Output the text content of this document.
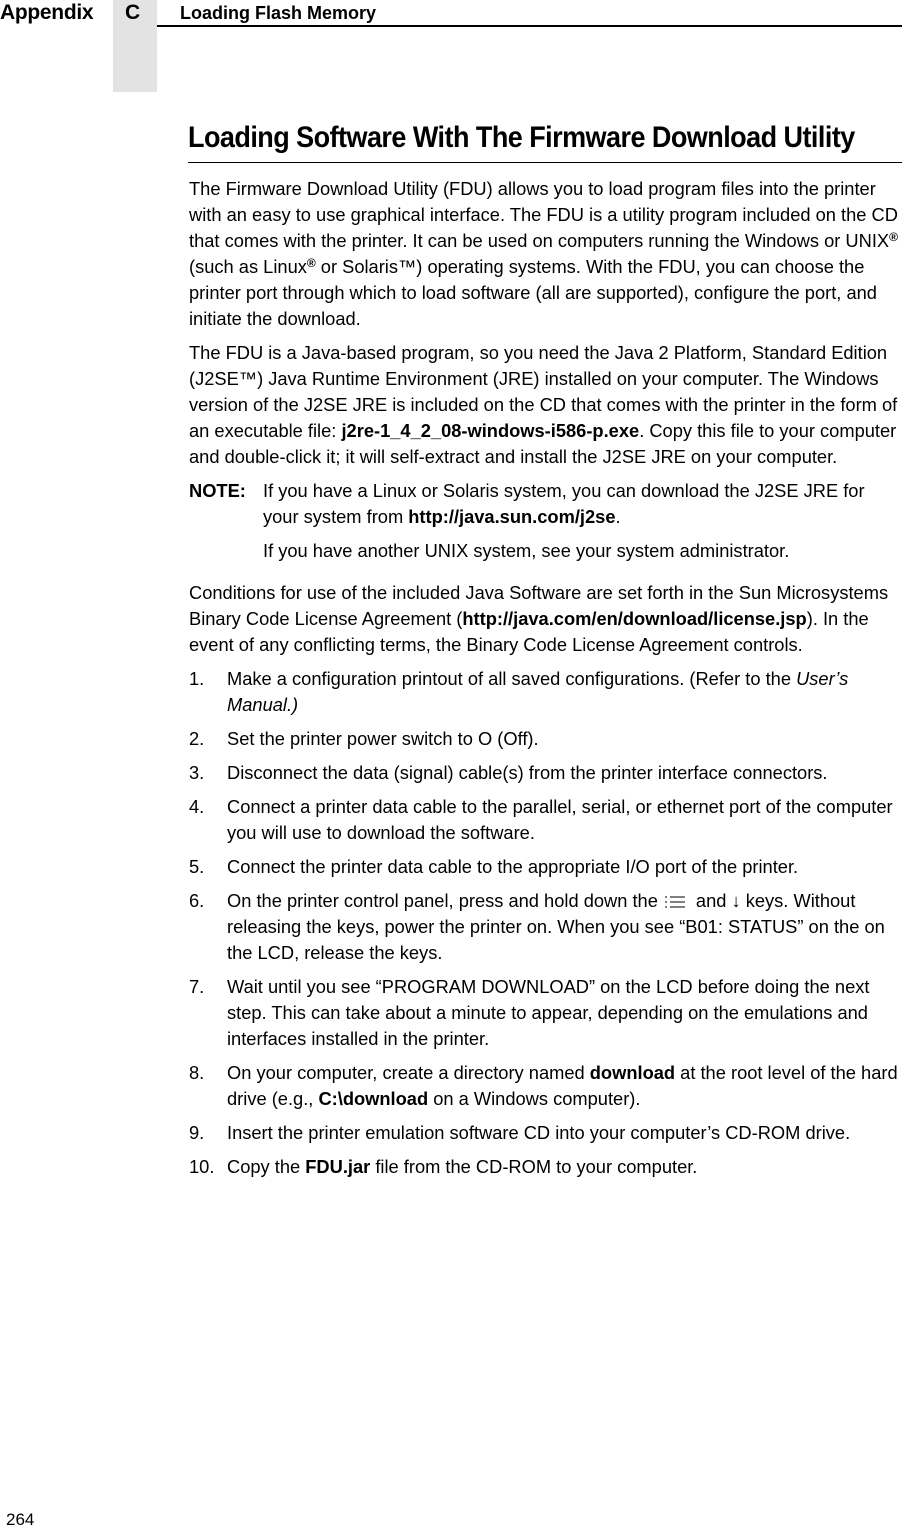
Appendix	C Loading Flash Memory
Loading Software With The Firmware Download Utility

The Firmware Download Utility (FDU) allows you to load program files into the printer with an easy to use graphical interface. The FDU is a utility program included on the CD that comes with the printer. It can be used on computers running the Windows or UNIX® (such as Linux® or Solaris™) operating systems. With the FDU, you can choose the printer port through which to load software (all are supported), configure the port, and initiate the download.

The FDU is a Java-based program, so you need the Java 2 Platform, Standard Edition (J2SE™) Java Runtime Environment (JRE) installed on your computer. The Windows version of the J2SE JRE is included on the CD that comes with the printer in the form of an executable file: j2re-1_4_2_08-windows-i586-p.exe. Copy this file to your computer and double-click it; it will self-extract and install the J2SE JRE on your computer.

NOTE: If you have a Linux or Solaris system, you can download the J2SE JRE for your system from http://java.sun.com/j2se.

If you have another UNIX system, see your system administrator.

Conditions for use of the included Java Software are set forth in the Sun Microsystems Binary Code License Agreement (http://java.com/en/download/license.jsp). In the event of any conflicting terms, the Binary Code License Agreement controls.

1.	Make a configuration printout of all saved configurations. (Refer to the User’s Manual.)
2.	Set the printer power switch to O (Off).
3.	Disconnect the data (signal) cable(s) from the printer interface connectors.
4.	Connect a printer data cable to the parallel, serial, or ethernet port of the computer you will use to download the software.
5.	Connect the printer data cable to the appropriate I/O port of the printer.
6.	On the printer control panel, press and hold down the and ↓ keys. Without releasing the keys, power the printer on. When you see “B01: STATUS” on the on the LCD, release the keys.
7.	Wait until you see “PROGRAM DOWNLOAD” on the LCD before doing the next step. This can take about a minute to appear, depending on the emulations and interfaces installed in the printer.
8.	On your computer, create a directory named download at the root level of the hard drive (e.g., C:\download on a Windows computer).
9.	Insert the printer emulation software CD into your computer’s CD-ROM drive.
10. Copy the FDU.jar file from the CD-ROM to your computer.
264
